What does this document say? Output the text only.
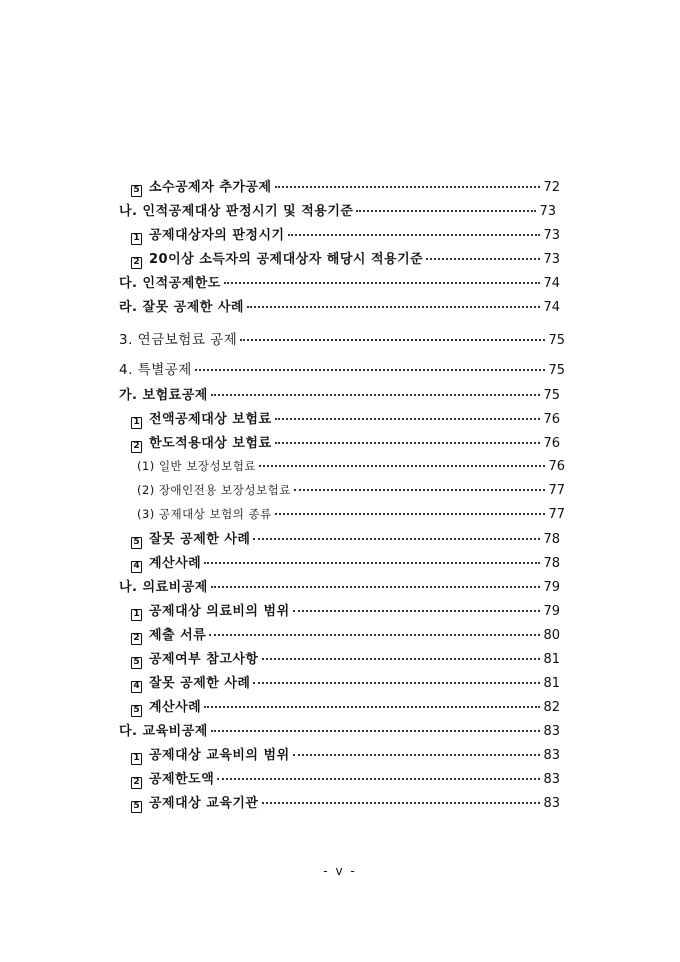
5 소수공제자 추가공제	72
나. 인적공제대상 판정시기 및 적용기준	73
1 공제대상자의 판정시기	73
2 20이상 소득자의 공제대상자 해당시 적용기준	73
다. 인적공제한도	74
라. 잘못 공제한 사례	74
3. 연금보험료 공제	75
4. 특별공제	75
가. 보험료공제	75
1 전액공제대상 보험료	76
2 한도적용대상 보험료	76
(1) 일반 보장성보험료	76
(2) 장애인전용 보장성보험료	77
(3) 공제대상 보험의 종류	77
5 잘못 공제한 사례	78
4 계산사례	78
나. 의료비공제	79
1 공제대상 의료비의 범위	79
2 제출 서류	80
5 공제여부 참고사항	81
4 잘못 공제한 사례	81
5 계산사례	82
다. 교육비공제	83
1 공제대상 교육비의 범위	83
2 공제한도액	83
5 공제대상 교육기관	83
- v -
